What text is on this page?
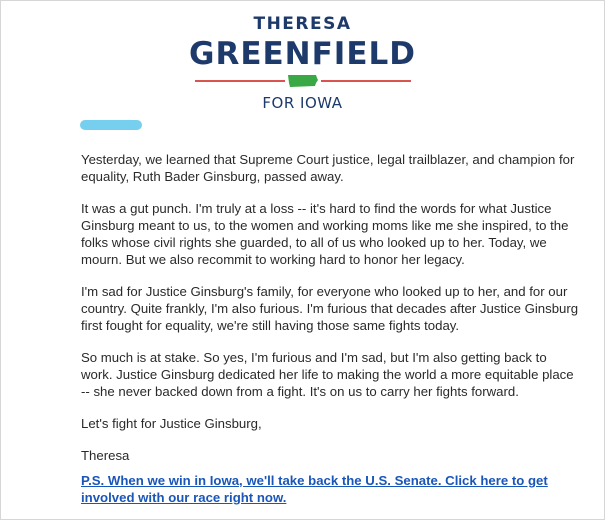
THERESA
GREENFIELD
FOR IOWA

Yesterday, we learned that Supreme Court justice, legal trailblazer, and champion for equality, Ruth Bader Ginsburg, passed away.

It was a gut punch. I'm truly at a loss -- it's hard to find the words for what Justice Ginsburg meant to us, to the women and working moms like me she inspired, to the folks whose civil rights she guarded, to all of us who looked up to her. Today, we mourn. But we also recommit to working hard to honor her legacy.

I'm sad for Justice Ginsburg's family, for everyone who looked up to her, and for our country. Quite frankly, I'm also furious. I'm furious that decades after Justice Ginsburg first fought for equality, we're still having those same fights today.

So much is at stake. So yes, I'm furious and I'm sad, but I'm also getting back to work. Justice Ginsburg dedicated her life to making the world a more equitable place -- she never backed down from a fight. It's on us to carry her fights forward.

Let's fight for Justice Ginsburg,

Theresa

P.S. When we win in Iowa, we'll take back the U.S. Senate. Click here to get involved with our race right now.
